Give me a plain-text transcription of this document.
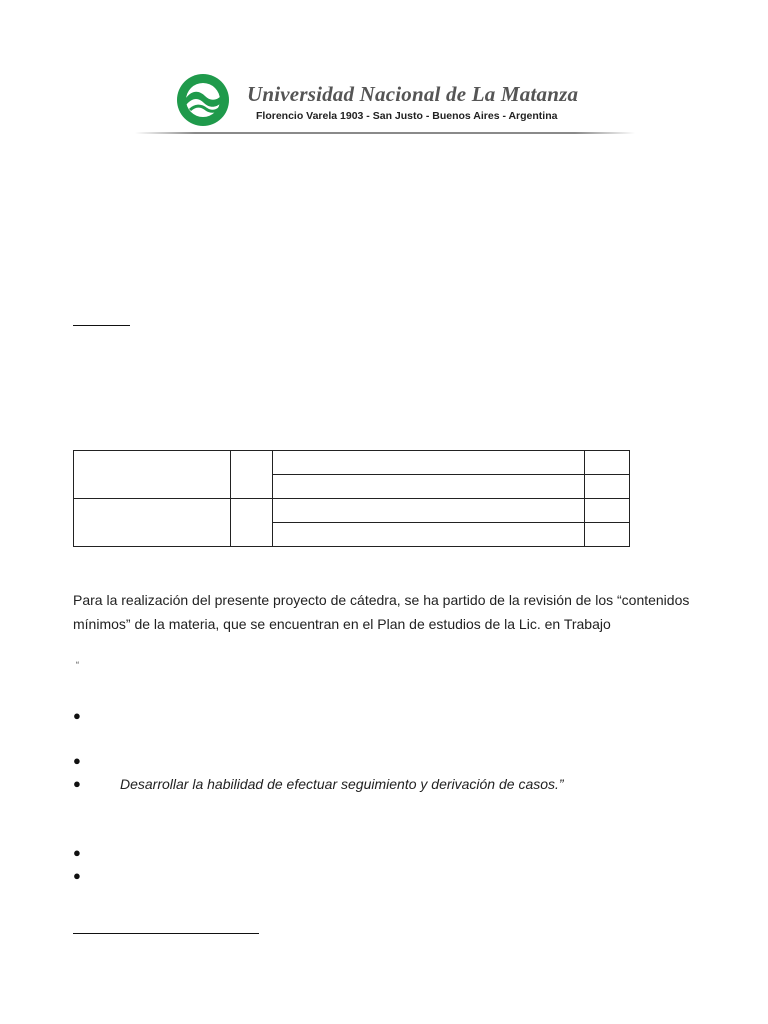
Universidad Nacional de La Matanza
Florencio Varela 1903 - San Justo - Buenos Aires - Argentina

Para la realización del presente proyecto de cátedra, se ha partido de la revisión de los “contenidos mínimos” de la materia, que se encuentran en el Plan de estudios de la Lic. en Trabajo
“
●
●
●	Desarrollar la habilidad de efectuar seguimiento y derivación de casos.”
●
●
